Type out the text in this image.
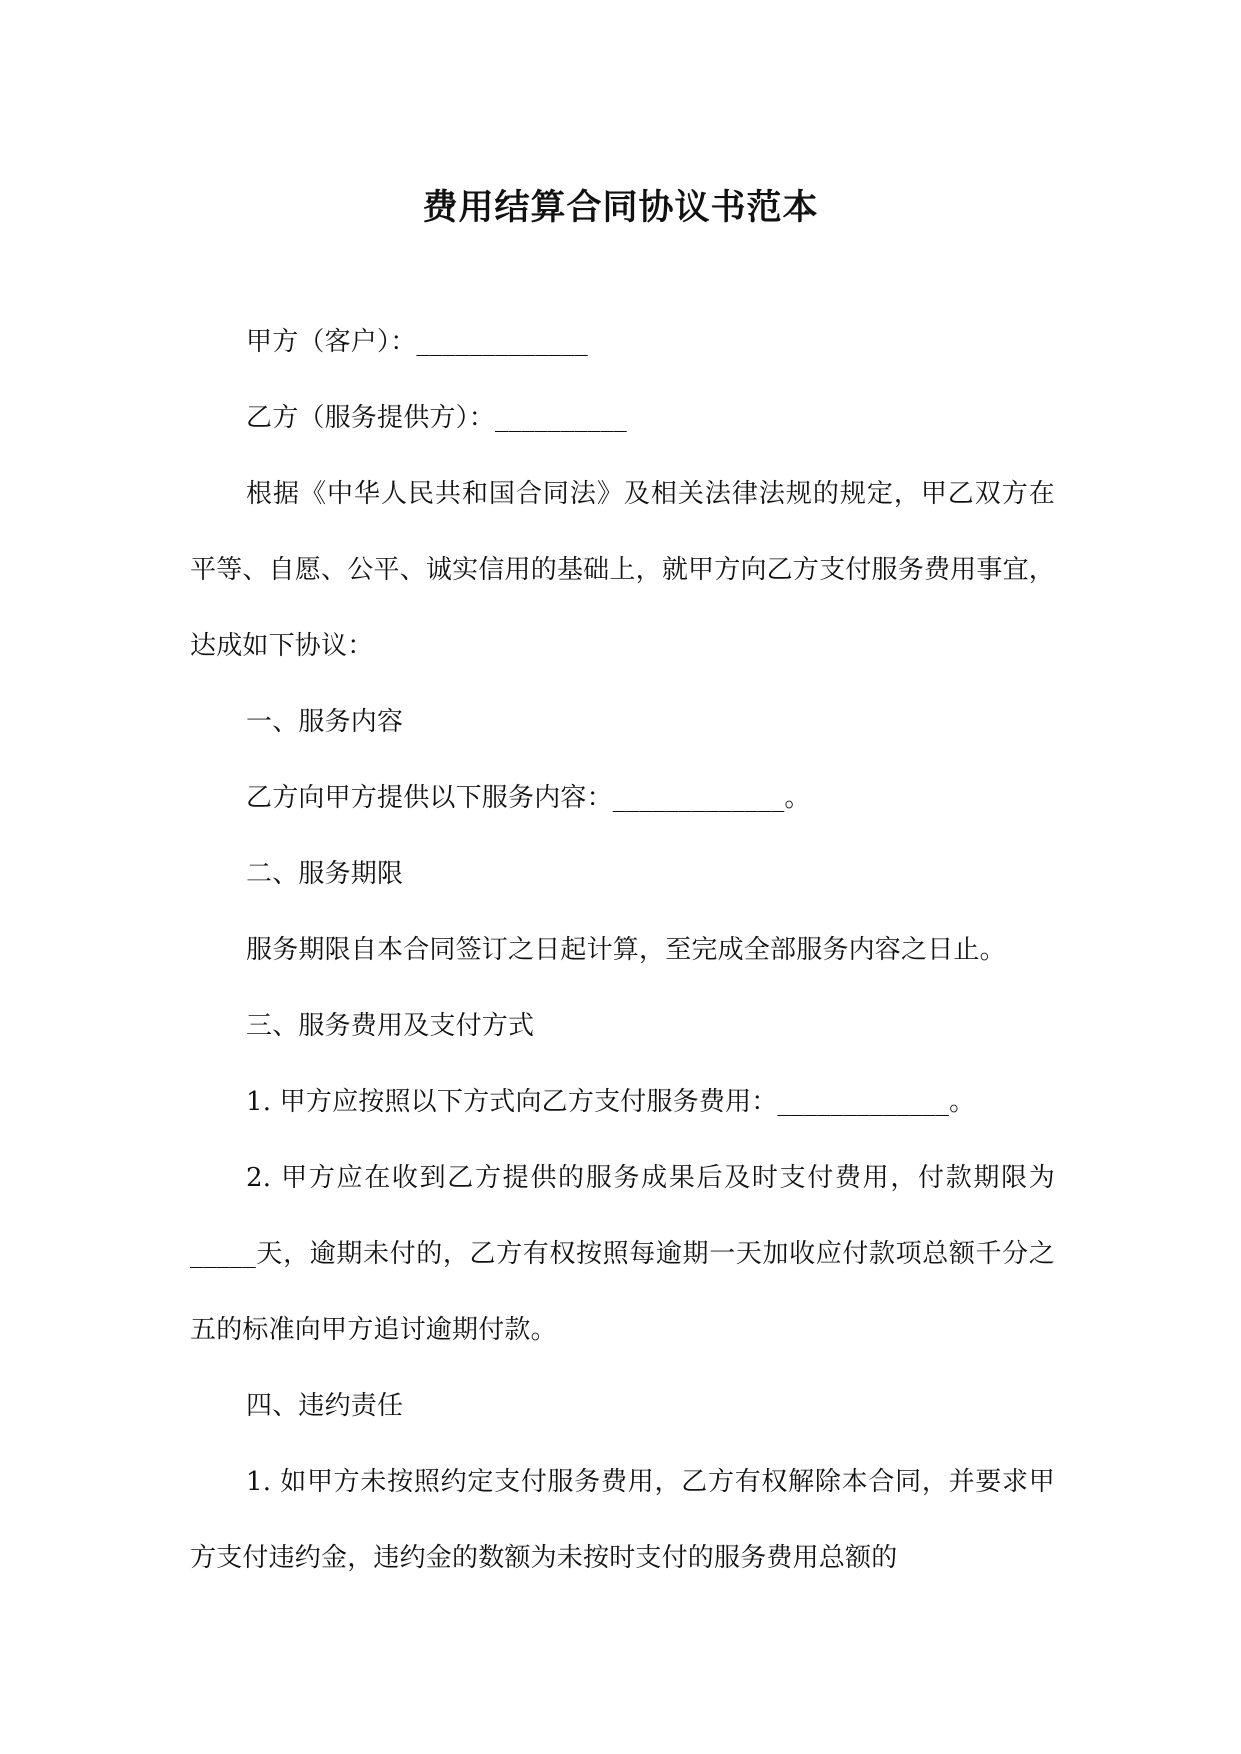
费用结算合同协议书范本

甲方（客户）：_____________

乙方（服务提供方）：__________

根据《中华人民共和国合同法》及相关法律法规的规定，甲乙双方在平等、自愿、公平、诚实信用的基础上，就甲方向乙方支付服务费用事宜，达成如下协议：

一、服务内容

乙方向甲方提供以下服务内容：_____________。

二、服务期限

服务期限自本合同签订之日起计算，至完成全部服务内容之日止。

三、服务费用及支付方式

1. 甲方应按照以下方式向乙方支付服务费用：_____________。

2. 甲方应在收到乙方提供的服务成果后及时支付费用，付款期限为_____天，逾期未付的，乙方有权按照每逾期一天加收应付款项总额千分之五的标准向甲方追讨逾期付款。

四、违约责任

1. 如甲方未按照约定支付服务费用，乙方有权解除本合同，并要求甲方支付违约金，违约金的数额为未按时支付的服务费用总额的
